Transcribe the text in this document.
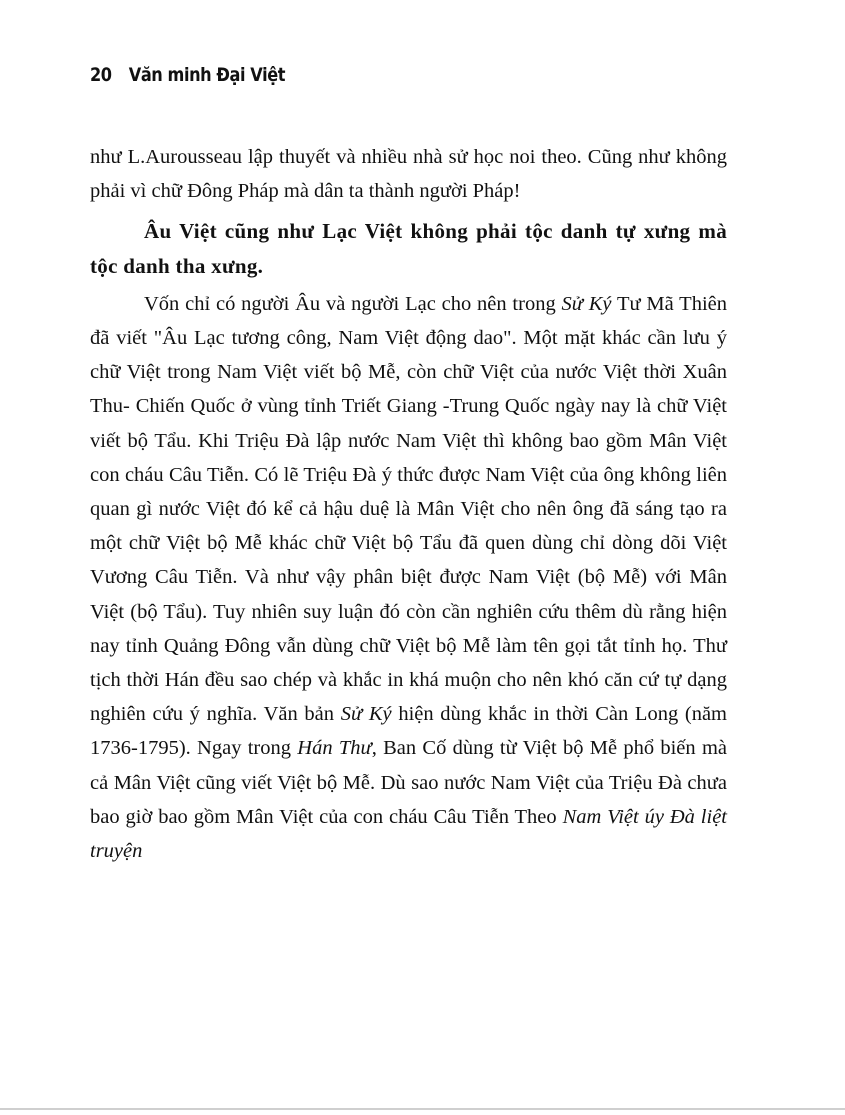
20 Văn minh Đại Việt

như L.Aurousseau lập thuyết và nhiều nhà sử học noi theo. Cũng như không phải vì chữ Đông Pháp mà dân ta thành người Pháp!

Âu Việt cũng như Lạc Việt không phải tộc danh tự xưng mà tộc danh tha xưng.

Vốn chỉ có người Âu và người Lạc cho nên trong Sử Ký Tư Mã Thiên đã viết "Âu Lạc tương công, Nam Việt động dao". Một mặt khác cần lưu ý chữ Việt trong Nam Việt viết bộ Mễ, còn chữ Việt của nước Việt thời Xuân Thu- Chiến Quốc ở vùng tỉnh Triết Giang -Trung Quốc ngày nay là chữ Việt viết bộ Tẩu. Khi Triệu Đà lập nước Nam Việt thì không bao gồm Mân Việt con cháu Câu Tiễn. Có lẽ Triệu Đà ý thức được Nam Việt của ông không liên quan gì nước Việt đó kể cả hậu duệ là Mân Việt cho nên ông đã sáng tạo ra một chữ Việt bộ Mễ khác chữ Việt bộ Tẩu đã quen dùng chỉ dòng dõi Việt Vương Câu Tiễn. Và như vậy phân biệt được Nam Việt (bộ Mễ) với Mân Việt (bộ Tẩu). Tuy nhiên suy luận đó còn cần nghiên cứu thêm dù rằng hiện nay tỉnh Quảng Đông vẫn dùng chữ Việt bộ Mễ làm tên gọi tắt tỉnh họ. Thư tịch thời Hán đều sao chép và khắc in khá muộn cho nên khó căn cứ tự dạng nghiên cứu ý nghĩa. Văn bản Sử Ký hiện dùng khắc in thời Càn Long (năm 1736-1795). Ngay trong Hán Thư, Ban Cố dùng từ Việt bộ Mễ phổ biến mà cả Mân Việt cũng viết Việt bộ Mễ. Dù sao nước Nam Việt của Triệu Đà chưa bao giờ bao gồm Mân Việt của con cháu Câu Tiễn Theo Nam Việt úy Đà liệt truyện
